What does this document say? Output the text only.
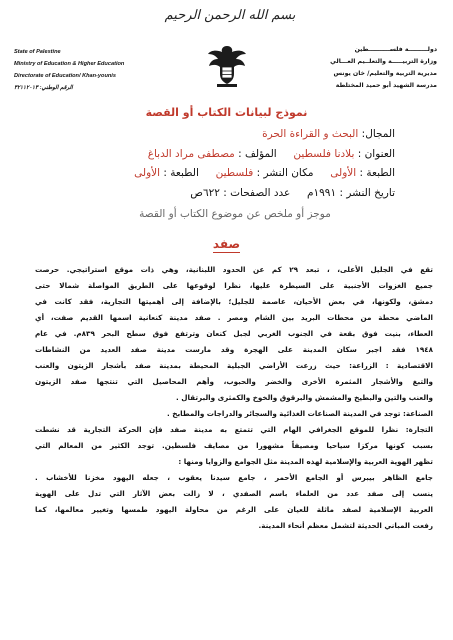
بسم الله الرحمن الرحيم
State of Palestine
Ministry of Education & Higher Education
Directorate of Education/ Khan-younis
الرقم الوطني: ٣٢١١٢٠١٣
دولـــــــــة فلســــــــــطين
وزارة التربيـــــة والتعلــيم العـــالي
مديرية التربية والتعليم/ خان يونس
مدرسة الشهيد أبو حميد المختلطة
نموذج لبيانات الكتاب أو القصة
المجال: البحث و القراءة الحرة
العنوان : بلادنا فلسطين  المؤلف : مصطفى مراد الدباغ
الطبعة : الأولى  مكان النشر : فلسطين  الطبعة : الأولى
تاريخ النشر : ١٩٩١م  عدد الصفحات : ٦٢٢ص
موجز أو ملخص عن موضوع الكتاب أو القصة
صفد
تقع في الجليل الأعلى، ، تبعد ٢٩ كم عن الحدود اللبنانية، وهي ذات موقع استراتيجي. حرصت
جميع الغزوات الأجنبية على السيطرة عليها، نظرا لوقوعها على الطريق المواصلة شمالا حتى
دمشق، ولكونها، في بعض الأحيان، عاصمة للجليل؛ بالإضافة إلى أهميتها التجارية، فقد كانت في
الماضي محطة من محطات البريد بين الشام ومصر . صفد مدينة كنعانية اسمها القديم صفت، أي
العطاء، بنيت فوق بقعة في الجنوب الغربي لجبل كنعان وترتفع فوق سطح البحر ٨٣٩م. في عام
١٩٤٨ فقد اجبر سكان المدينة على الهجرة وقد مارست مدينة صفد العديد من النشاطات
الاقتصادية : الزراعة: حيث زرعت الأراضي الجبلية المحيطة بمدينة صفد بأشجار الزيتون والعنب
والتبغ والأشجار المثمرة الأخرى والخضر والحبوب، وأهم المحاصيل التي تنتجها صفد الزيتون
والعنب والتين والبطيخ والمشمش والبرقوق والخوخ والكمثرى والبرتقال .
الصناعة: توجد في المدينة الصناعات الغذائية والسجائر والدراجات والمطابخ .
التجارة: نظرا للموقع الجغرافي الهام التي تتمتع به مدينة صفد فإن الحركة التجارية قد نشطت
بسبب كونها مركزا سياحيا ومصيفاً مشهورا من مصايف فلسطين. توجد الكثير من المعالم التي
تظهر الهوية العربية والإسلامية لهذه المدينة مثل الجوامع والزوايا ومنها :
جامع الظاهر بيبرس أو الجامع الأحمر ، جامع سيدنا يعقوب ، جعله اليهود مخزنا للأخشاب .
ينسب إلى صفد عدد من العلماء باسم الصفدي ، لا زالت بعض الآثار التي تدل على الهوية
العربية الإسلامية لصفد ماثلة للعيان على الرغم من محاولة اليهود طمسها وتغيير معالمها، كما
رفعت المباني الحديثة لتشمل معظم أنحاء المدينة.
